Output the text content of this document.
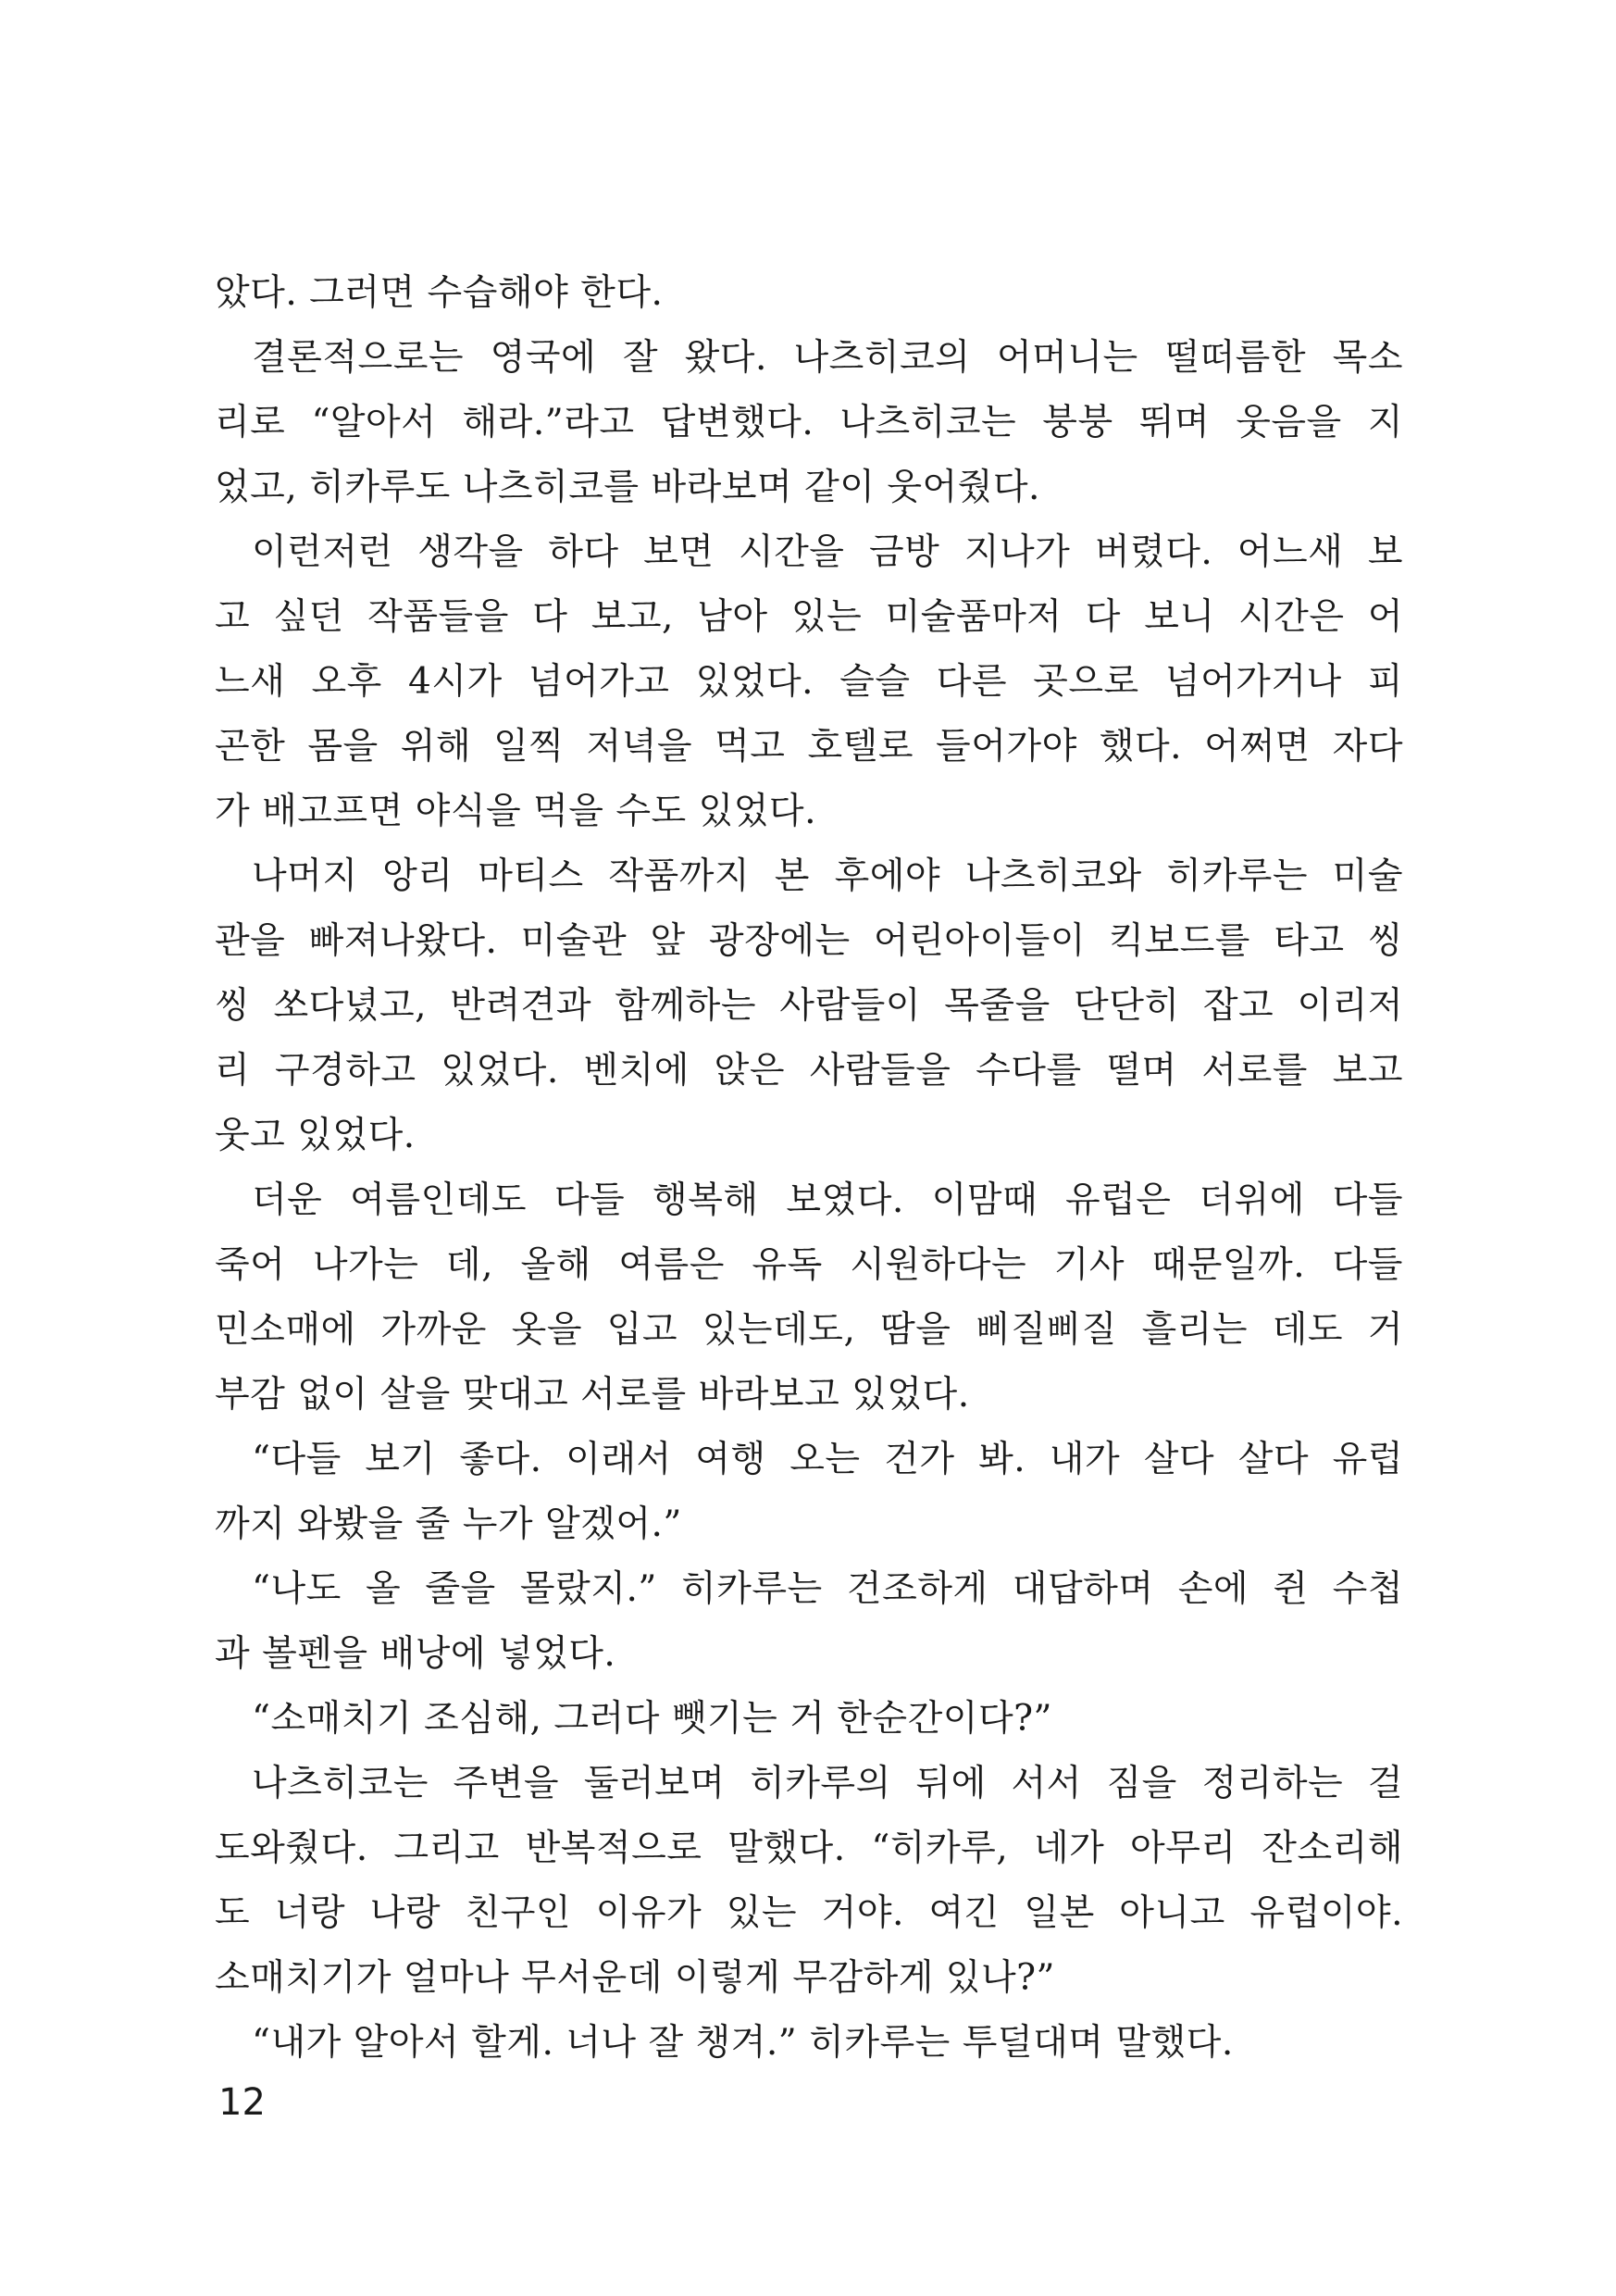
았다. 그러면 수습해야 한다.
결론적으로는 영국에 잘 왔다. 나츠히코의 어머니는 떨떠름한 목소
리로 “알아서 해라.”라고 답변했다. 나츠히코는 붕붕 뛰며 웃음을 지
었고, 히카루도 나츠히코를 바라보며 같이 웃어줬다.
이런저런 생각을 하다 보면 시간을 금방 지나가 버렸다. 어느새 보
고 싶던 작품들을 다 보고, 남아 있는 미술품마저 다 보니 시간은 어
느새 오후 4시가 넘어가고 있었다. 슬슬 다른 곳으로 넘어가거나 피
곤한 몸을 위해 일찍 저녁을 먹고 호텔로 들어가야 했다. 어쩌면 자다
가 배고프면 야식을 먹을 수도 있었다.
나머지 앙리 마티스 작품까지 본 후에야 나츠히코와 히카루는 미술
관을 빠져나왔다. 미술관 앞 광장에는 어린아이들이 킥보드를 타고 씽
씽 쏘다녔고, 반려견과 함께하는 사람들이 목줄을 단단히 잡고 이리저
리 구경하고 있었다. 벤치에 앉은 사람들을 수다를 떨며 서로를 보고
웃고 있었다.
더운 여름인데도 다들 행복해 보였다. 이맘때 유럽은 더위에 다들
죽어 나가는 데, 올해 여름은 유독 시원하다는 기사 때문일까. 다들
민소매에 가까운 옷을 입고 있는데도, 땀을 삐질삐질 흘리는 데도 거
부감 없이 살을 맞대고 서로를 바라보고 있었다.
“다들 보기 좋다. 이래서 여행 오는 건가 봐. 내가 살다 살다 유럽
까지 와봤을 줄 누가 알겠어.”
“나도 올 줄을 몰랐지.” 히카루는 건조하게 대답하며 손에 쥔 수첩
과 볼펜을 배낭에 넣었다.
“소매치기 조심해, 그러다 뺏기는 거 한순간이다?”
나츠히코는 주변을 둘러보며 히카루의 뒤에 서서 짐을 정리하는 걸
도와줬다. 그리고 반복적으로 말했다. “히카루, 네가 아무리 잔소리해
도 너랑 나랑 친구인 이유가 있는 거야. 여긴 일본 아니고 유럽이야.
소매치기가 얼마나 무서운데 이렇게 무감하게 있나?”
“내가 알아서 할게. 너나 잘 챙겨.” 히카루는 투덜대며 말했다.
12
